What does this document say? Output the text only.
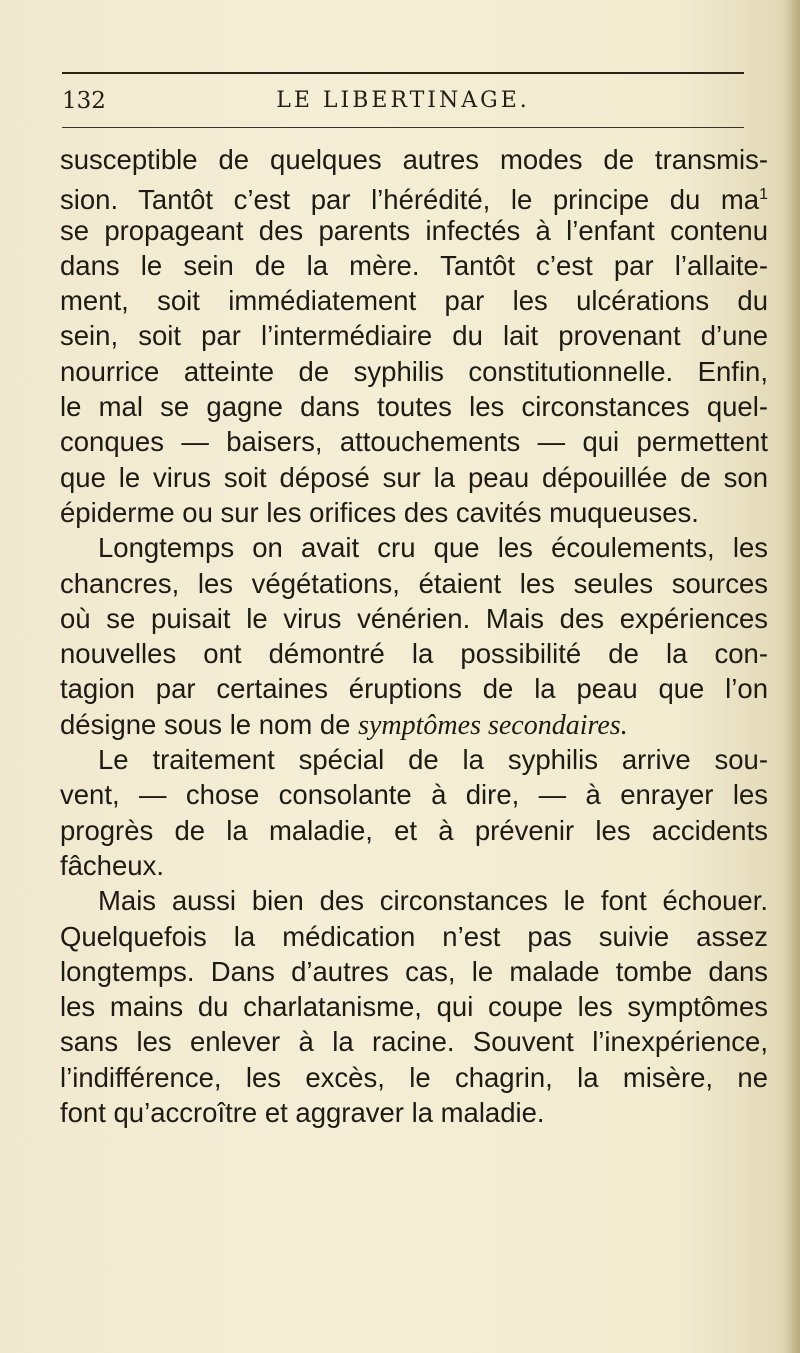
132	LE LIBERTINAGE.
susceptible de quelques autres modes de transmis-
sion. Tantôt c’est par l’hérédité, le principe du $ma^1$
se propageant des parents infectés à l’enfant contenu
dans le sein de la mère. Tantôt c’est par l’allaite-
ment, soit immédiatement par les ulcérations du
sein, soit par l’intermédiaire du lait provenant d’une
nourrice atteinte de syphilis constitutionnelle. Enfin,
le mal se gagne dans toutes les circonstances quel-
conques — baisers, attouchements — qui permettent
que le virus soit déposé sur la peau dépouillée de son
épiderme ou sur les orifices des cavités muqueuses.
Longtemps on avait cru que les écoulements, les
chancres, les végétations, étaient les seules sources
où se puisait le virus vénérien. Mais des expériences
nouvelles ont démontré la possibilité de la con-
tagion par certaines éruptions de la peau que l’on
désigne sous le nom de symptômes secondaires.
Le traitement spécial de la syphilis arrive sou-
vent, — chose consolante à dire, — à enrayer les
progrès de la maladie, et à prévenir les accidents
fâcheux.
Mais aussi bien des circonstances le font échouer.
Quelquefois la médication n’est pas suivie assez
longtemps. Dans d’autres cas, le malade tombe dans
les mains du charlatanisme, qui coupe les symptômes
sans les enlever à la racine. Souvent l’inexpérience,
l’indifférence, les excès, le chagrin, la misère, ne
font qu’accroître et aggraver la maladie.
